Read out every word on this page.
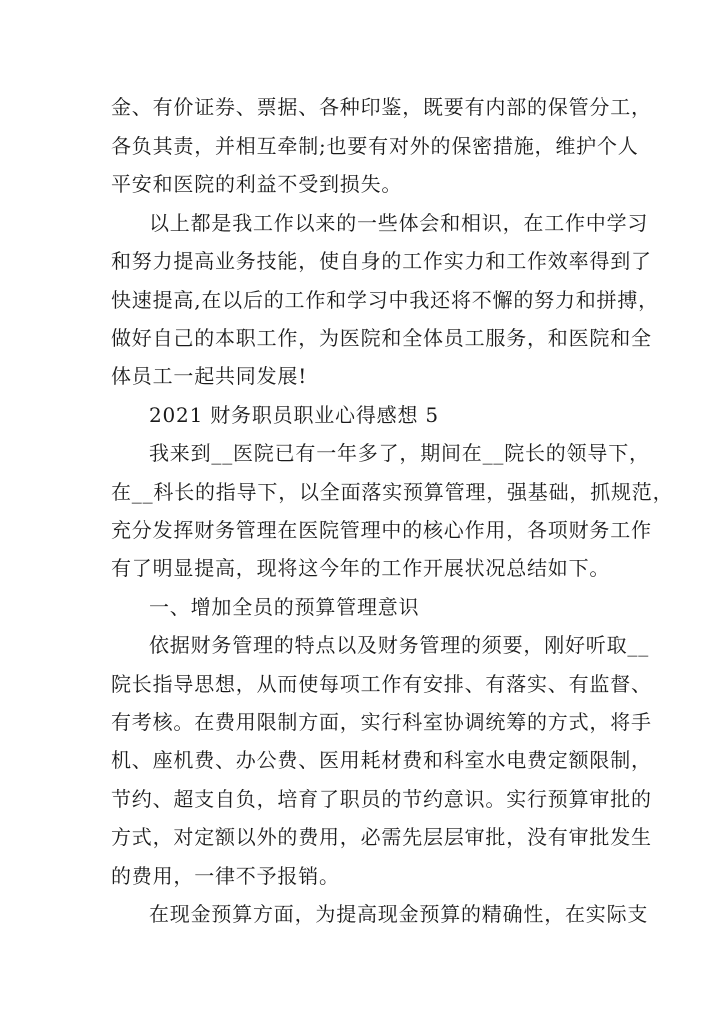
金、有价证券、票据、各种印鉴，既要有内部的保管分工，
各负其责，并相互牵制;也要有对外的保密措施，维护个人
平安和医院的利益不受到损失。
以上都是我工作以来的一些体会和相识，在工作中学习
和努力提高业务技能，使自身的工作实力和工作效率得到了
快速提高,在以后的工作和学习中我还将不懈的努力和拼搏，
做好自己的本职工作，为医院和全体员工服务，和医院和全
体员工一起共同发展!
2021 财务职员职业心得感想 5
我来到__医院已有一年多了，期间在__院长的领导下，
在__科长的指导下，以全面落实预算管理，强基础，抓规范，
充分发挥财务管理在医院管理中的核心作用，各项财务工作
有了明显提高，现将这今年的工作开展状况总结如下。
一、增加全员的预算管理意识
依据财务管理的特点以及财务管理的须要，刚好听取__
院长指导思想，从而使每项工作有安排、有落实、有监督、
有考核。在费用限制方面，实行科室协调统筹的方式，将手
机、座机费、办公费、医用耗材费和科室水电费定额限制，
节约、超支自负，培育了职员的节约意识。实行预算审批的
方式，对定额以外的费用，必需先层层审批，没有审批发生
的费用，一律不予报销。
在现金预算方面，为提高现金预算的精确性，在实际支
